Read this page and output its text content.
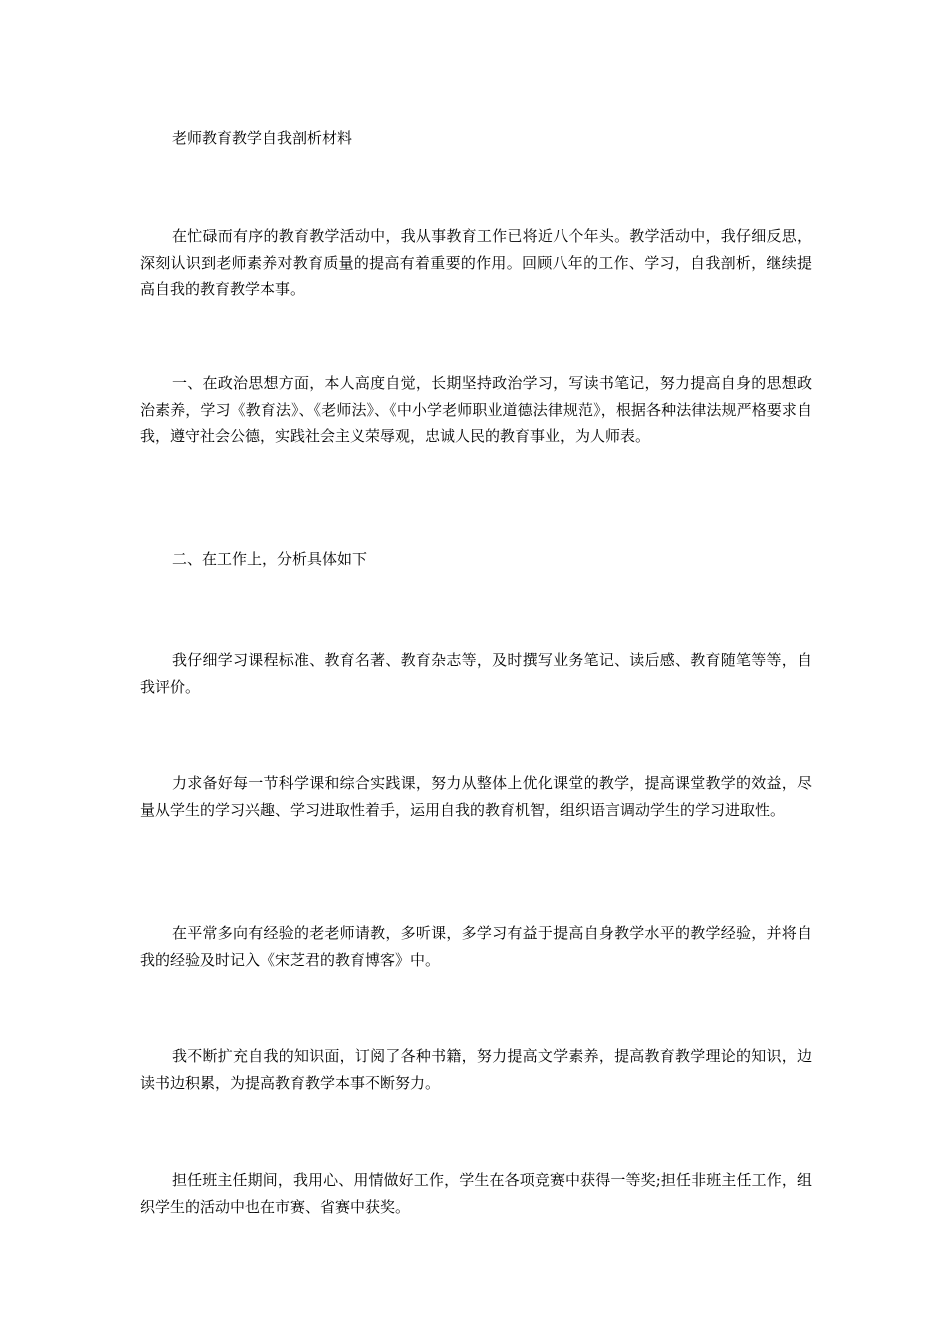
老师教育教学自我剖析材料

在忙碌而有序的教育教学活动中，我从事教育工作已将近八个年头。教学活动中，我仔细反思，深刻认识到老师素养对教育质量的提高有着重要的作用。回顾八年的工作、学习，自我剖析，继续提高自我的教育教学本事。

一、在政治思想方面，本人高度自觉，长期坚持政治学习，写读书笔记，努力提高自身的思想政治素养，学习《教育法》、《老师法》、《中小学老师职业道德法律规范》，根据各种法律法规严格要求自我，遵守社会公德，实践社会主义荣辱观，忠诚人民的教育事业，为人师表。

二、在工作上，分析具体如下

我仔细学习课程标准、教育名著、教育杂志等，及时撰写业务笔记、读后感、教育随笔等等，自我评价。

力求备好每一节科学课和综合实践课，努力从整体上优化课堂的教学，提高课堂教学的效益，尽量从学生的学习兴趣、学习进取性着手，运用自我的教育机智，组织语言调动学生的学习进取性。

在平常多向有经验的老老师请教，多听课，多学习有益于提高自身教学水平的教学经验，并将自我的经验及时记入《宋芝君的教育博客》中。

我不断扩充自我的知识面，订阅了各种书籍，努力提高文学素养，提高教育教学理论的知识，边读书边积累，为提高教育教学本事不断努力。

担任班主任期间，我用心、用情做好工作，学生在各项竞赛中获得一等奖;担任非班主任工作，组织学生的活动中也在市赛、省赛中获奖。
